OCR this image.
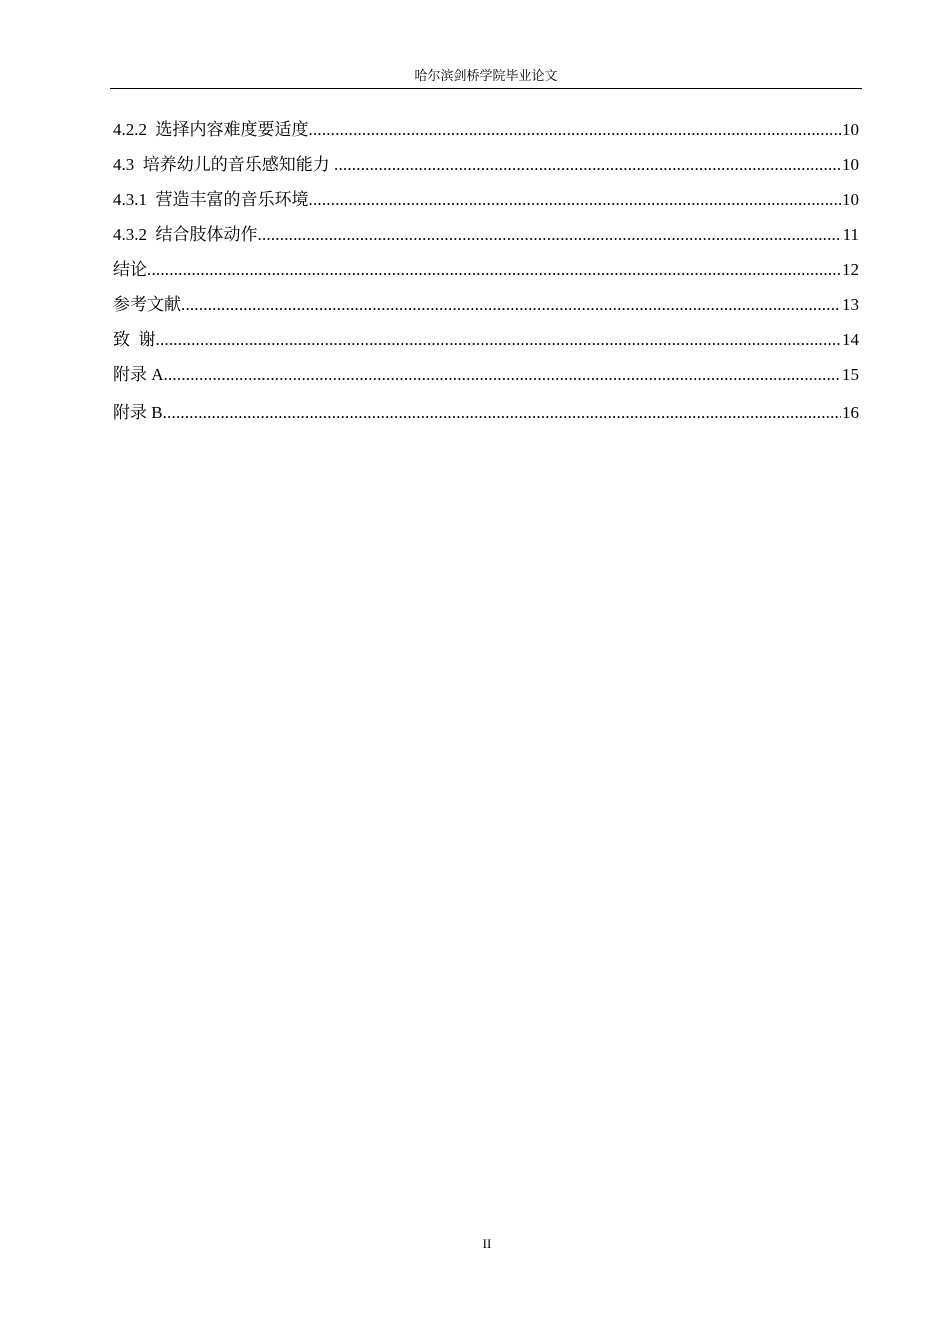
哈尔滨剑桥学院毕业论文
4.2.2  选择内容难度要适度 .....	10
4.3  培养幼儿的音乐感知能力 .....	10
4.3.1  营造丰富的音乐环境 .....	10
4.3.2  结合肢体动作 .....	11
结论 .....	12
参考文献 .....	13
致  谢 .....	14
附录 A .....	15
附录 B .....	16
II
